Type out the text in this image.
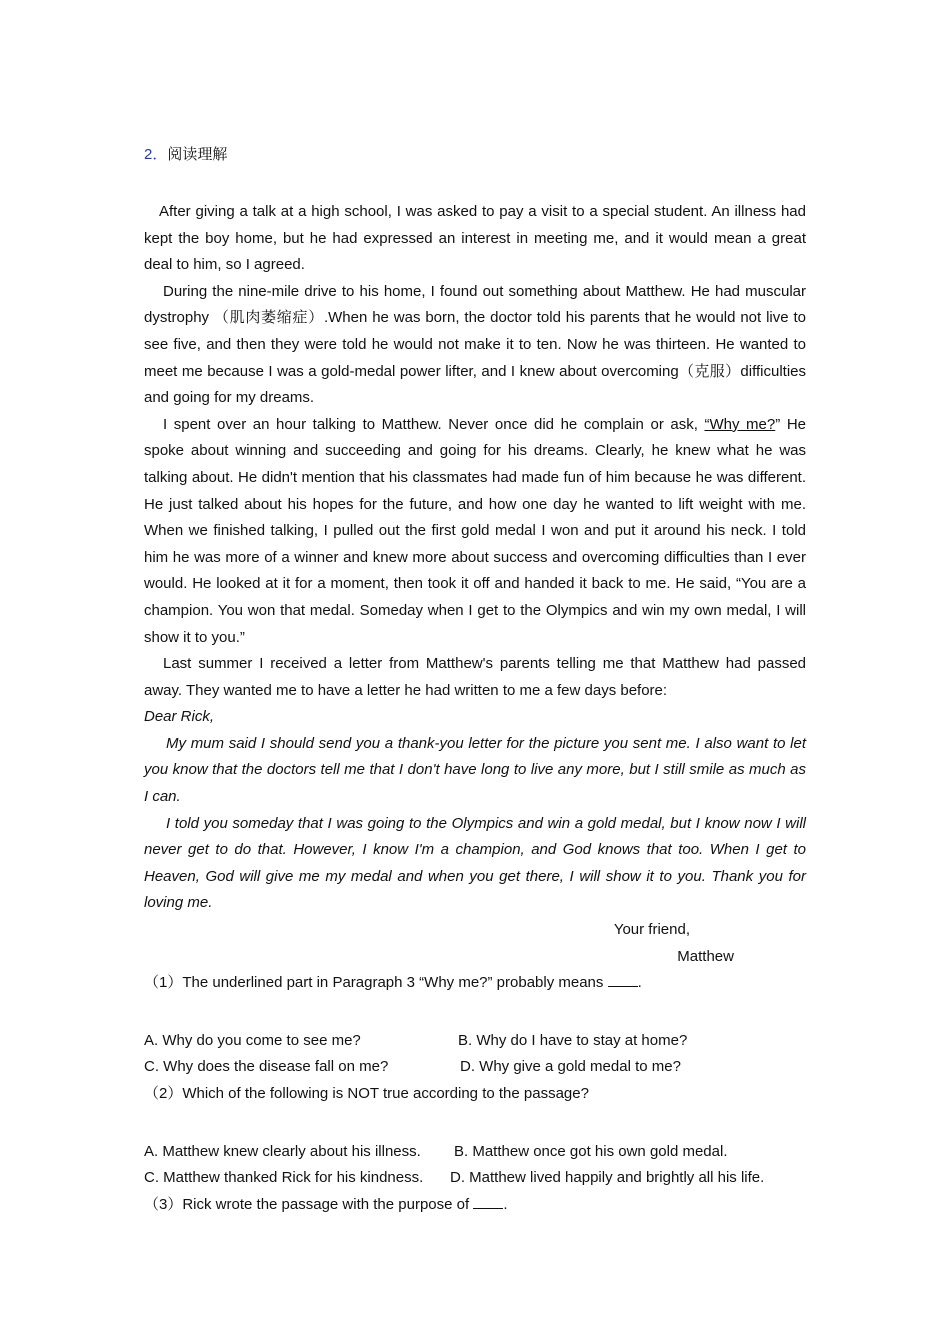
2．阅读理解

After giving a talk at a high school, I was asked to pay a visit to a special student. An illness had kept the boy home, but he had expressed an interest in meeting me, and it would mean a great deal to him, so I agreed.

During the nine-mile drive to his home, I found out something about Matthew. He had muscular dystrophy （肌肉萎缩症）.When he was born, the doctor told his parents that he would not live to see five, and then they were told he would not make it to ten. Now he was thirteen. He wanted to meet me because I was a gold-medal power lifter, and I knew about overcoming（克服）difficulties and going for my dreams.

I spent over an hour talking to Matthew. Never once did he complain or ask, “Why me?” He spoke about winning and succeeding and going for his dreams. Clearly, he knew what he was talking about. He didn't mention that his classmates had made fun of him because he was different. He just talked about his hopes for the future, and how one day he wanted to lift weight with me. When we finished talking, I pulled out the first gold medal I won and put it around his neck. I told him he was more of a winner and knew more about success and overcoming difficulties than I ever would. He looked at it for a moment, then took it off and handed it back to me. He said, “You are a champion. You won that medal. Someday when I get to the Olympics and win my own medal, I will show it to you.”

Last summer I received a letter from Matthew's parents telling me that Matthew had passed away. They wanted me to have a letter he had written to me a few days before:

Dear Rick,

My mum said I should send you a thank-you letter for the picture you sent me. I also want to let you know that the doctors tell me that I don't have long to live any more, but I still smile as much as I can.

I told you someday that I was going to the Olympics and win a gold medal, but I know now I will never get to do that. However, I know I'm a champion, and God knows that too. When I get to Heaven, God will give me my medal and when you get there, I will show it to you. Thank you for loving me.

Your friend,

Matthew

（1）The underlined part in Paragraph 3 “Why me?” probably means .

A. Why do you come to see me?	B. Why do I have to stay at home?
C. Why does the disease fall on me?	D. Why give a gold medal to me?

（2）Which of the following is NOT true according to the passage?

A. Matthew knew clearly about his illness.	B. Matthew once got his own gold medal.
C. Matthew thanked Rick for his kindness.	D. Matthew lived happily and brightly all his life.

（3）Rick wrote the passage with the purpose of .
